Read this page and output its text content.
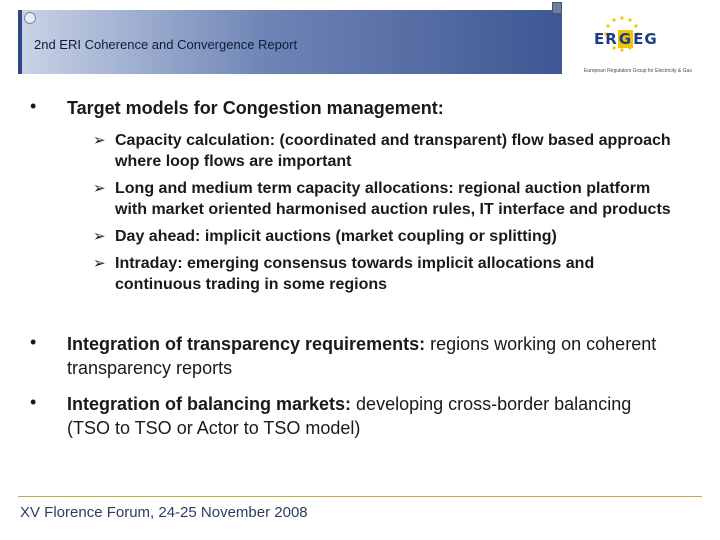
2nd ERI Coherence and Convergence Report	ERGEG
European Regulators Group for Electricity & Gas
• Target models for Congestion management:
➢ Capacity calculation: (coordinated and transparent) flow based approach where loop flows are important
➢ Long and medium term capacity allocations: regional auction platform with market oriented harmonised auction rules, IT interface and products
➢ Day ahead: implicit auctions (market coupling or splitting)
➢ Intraday: emerging consensus towards implicit allocations and continuous trading in some regions
• Integration of transparency requirements: regions working on coherent transparency reports
• Integration of balancing markets: developing cross-border balancing (TSO to TSO or Actor to TSO model)
XV Florence Forum, 24-25 November 2008
